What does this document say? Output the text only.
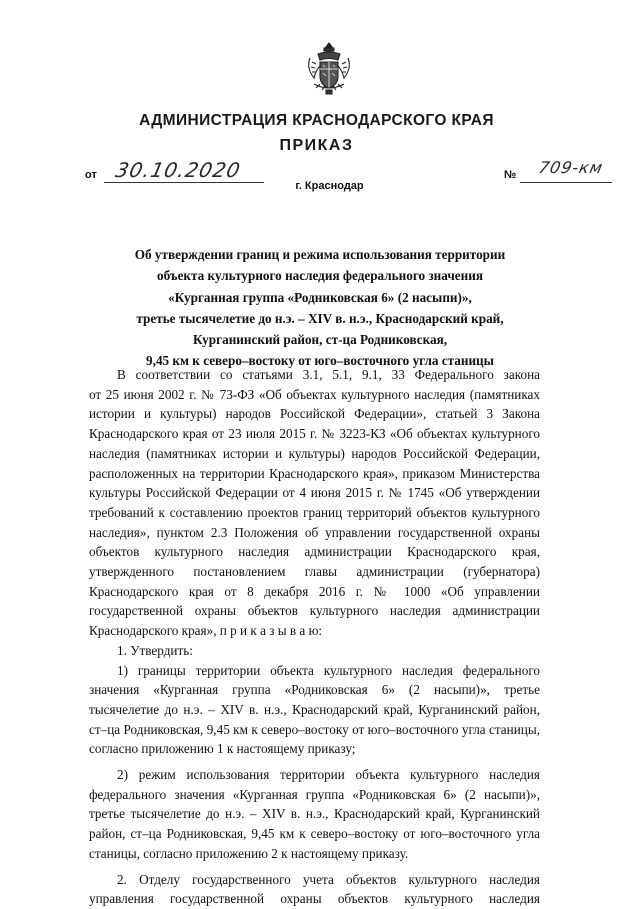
АДМИНИСТРАЦИЯ КРАСНОДАРСКОГО КРАЯ
ПРИКАЗ
от 30.10.2020	№ 709-км
г. Краснодар
Об утверждении границ и режима использования территории
объекта культурного наследия федерального значения
«Курганная группа «Родниковская 6» (2 насыпи)»,
третье тысячелетие до н.э. – XIV в. н.э., Краснодарский край,
Курганинский район, ст-ца Родниковская,
9,45 км к северо–востоку от юго–восточного угла станицы
В соответствии со статьями 3.1, 5.1, 9.1, 33 Федерального закона
от 25 июня 2002 г. № 73-ФЗ «Об объектах культурного наследия (памятниках
истории и культуры) народов Российской Федерации», статьей 3 Закона
Краснодарского края от 23 июля 2015 г. № 3223-КЗ «Об объектах культурного
наследия (памятниках истории и культуры) народов Российской Федерации,
расположенных на территории Краснодарского края», приказом Министерства
культуры Российской Федерации от 4 июня 2015 г. № 1745 «Об утверждении
требований к составлению проектов границ территорий объектов культурного
наследия», пунктом 2.3 Положения об управлении государственной охраны
объектов культурного наследия администрации Краснодарского края,
утвержденного постановлением главы администрации (губернатора)
Краснодарского края от 8 декабря 2016 г. № 1000 «Об управлении
государственной охраны объектов культурного наследия администрации
Краснодарского края», п р и к а з ы в а ю:
1. Утвердить:
1) границы территории объекта культурного наследия федерального
значения «Курганная группа «Родниковская 6» (2 насыпи)», третье
тысячелетие до н.э. – XIV в. н.э., Краснодарский край, Курганинский район,
ст–ца Родниковская, 9,45 км к северо–востоку от юго–восточного угла станицы,
согласно приложению 1 к настоящему приказу;
2) режим использования территории объекта культурного наследия
федерального значения «Курганная группа «Родниковская 6» (2 насыпи)»,
третье тысячелетие до н.э. – XIV в. н.э., Краснодарский край, Курганинский
район, ст–ца Родниковская, 9,45 км к северо–востоку от юго–восточного угла
станицы, согласно приложению 2 к настоящему приказу.
2. Отделу государственного учета объектов культурного наследия
управления государственной охраны объектов культурного наследия
